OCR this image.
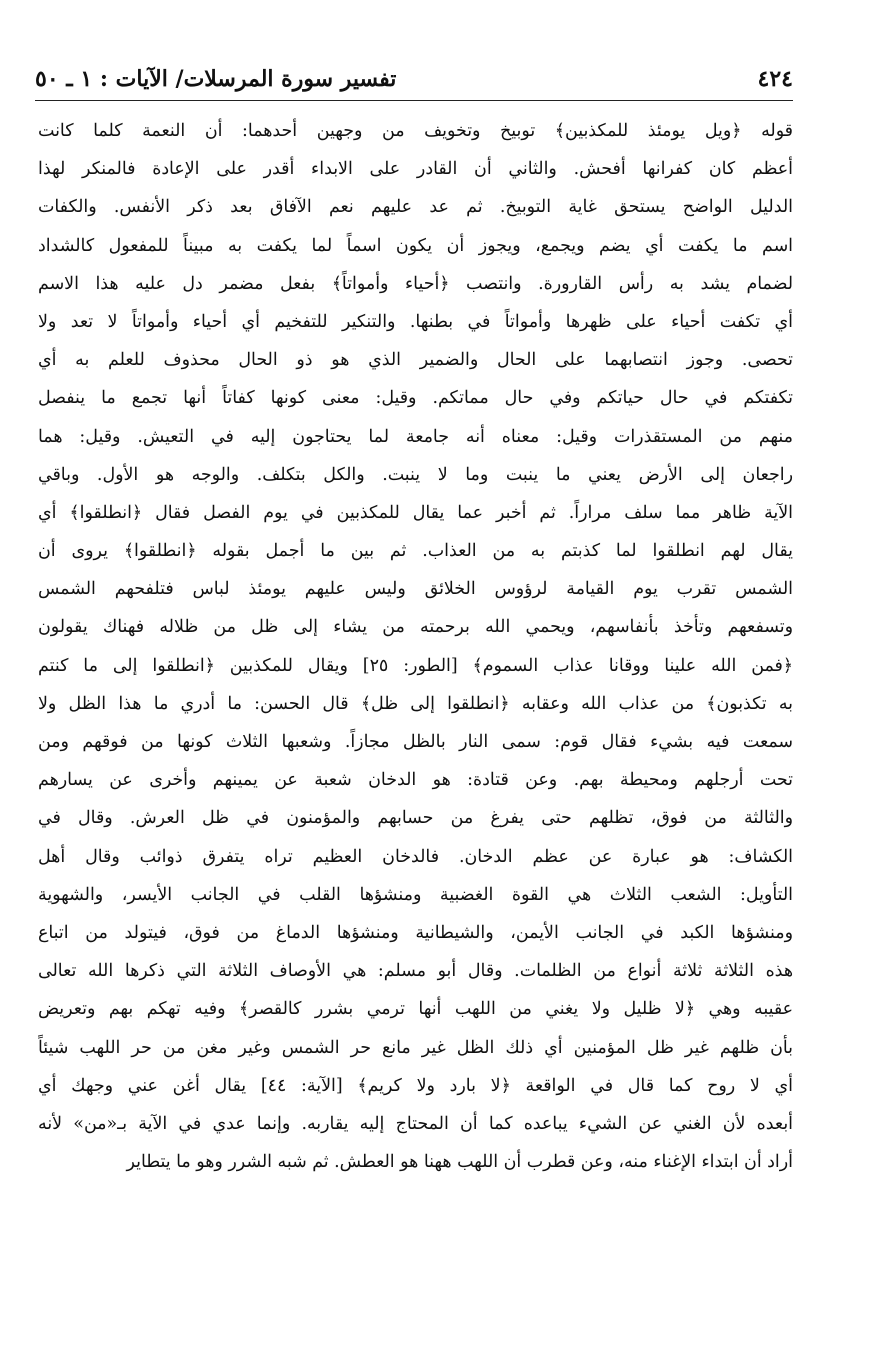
٤٢٤
تفسير سورة المرسلات/ الآيات : ١ ـ ٥٠
قوله ﴿ويل يومئذ للمكذبين﴾ توبيخ وتخويف من وجهين أحدهما: أن النعمة كلما كانت
أعظم كان كفرانها أفحش. والثاني أن القادر على الابداء أقدر على الإعادة فالمنكر لهذا
الدليل الواضح يستحق غاية التوبيخ. ثم عد عليهم نعم الآفاق بعد ذكر الأنفس. والكفات
اسم ما يكفت أي يضم ويجمع، ويجوز أن يكون اسماً لما يكفت به مبيناً للمفعول كالشداد
لضمام يشد به رأس القارورة. وانتصب ﴿أحياء وأمواتاً﴾ بفعل مضمر دل عليه هذا الاسم
أي تكفت أحياء على ظهرها وأمواتاً في بطنها. والتنكير للتفخيم أي أحياء وأمواتاً لا تعد ولا
تحصى. وجوز انتصابهما على الحال والضمير الذي هو ذو الحال محذوف للعلم به أي
تكفتكم في حال حياتكم وفي حال مماتكم. وقيل: معنى كونها كفاتاً أنها تجمع ما ينفصل
منهم من المستقذرات وقيل: معناه أنه جامعة لما يحتاجون إليه في التعيش. وقيل: هما
راجعان إلى الأرض يعني ما ينبت وما لا ينبت. والكل بتكلف. والوجه هو الأول. وباقي
الآية ظاهر مما سلف مراراً. ثم أخبر عما يقال للمكذبين في يوم الفصل فقال ﴿انطلقوا﴾ أي
يقال لهم انطلقوا لما كذبتم به من العذاب. ثم بين ما أجمل بقوله ﴿انطلقوا﴾ يروى أن
الشمس تقرب يوم القيامة لرؤوس الخلائق وليس عليهم يومئذ لباس فتلفحهم الشمس
وتسفعهم وتأخذ بأنفاسهم، ويحمي الله برحمته من يشاء إلى ظل من ظلاله فهناك يقولون
﴿فمن الله علينا ووقانا عذاب السموم﴾ [الطور: ٢٥] ويقال للمكذبين ﴿انطلقوا إلى ما كنتم
به تكذبون﴾ من عذاب الله وعقابه ﴿انطلقوا إلى ظل﴾ قال الحسن: ما أدري ما هذا الظل ولا
سمعت فيه بشيء فقال قوم: سمى النار بالظل مجازاً. وشعبها الثلاث كونها من فوقهم ومن
تحت أرجلهم ومحيطة بهم. وعن قتادة: هو الدخان شعبة عن يمينهم وأخرى عن يسارهم
والثالثة من فوق، تظلهم حتى يفرغ من حسابهم والمؤمنون في ظل العرش. وقال في
الكشاف: هو عبارة عن عظم الدخان. فالدخان العظيم تراه يتفرق ذوائب وقال أهل
التأويل: الشعب الثلاث هي القوة الغضبية ومنشؤها القلب في الجانب الأيسر، والشهوية
ومنشؤها الكبد في الجانب الأيمن، والشيطانية ومنشؤها الدماغ من فوق، فيتولد من اتباع
هذه الثلاثة ثلاثة أنواع من الظلمات. وقال أبو مسلم: هي الأوصاف الثلاثة التي ذكرها الله تعالى
عقيبه وهي ﴿لا ظليل ولا يغني من اللهب أنها ترمي بشرر كالقصر﴾ وفيه تهكم بهم وتعريض
بأن ظلهم غير ظل المؤمنين أي ذلك الظل غير مانع حر الشمس وغير مغن من حر اللهب شيئاً
أي لا روح كما قال في الواقعة ﴿لا بارد ولا كريم﴾ [الآية: ٤٤] يقال أغن عني وجهك أي
أبعده لأن الغني عن الشيء يباعده كما أن المحتاج إليه يقاربه. وإنما عدي في الآية بـ«من» لأنه
أراد أن ابتداء الإغناء منه، وعن قطرب أن اللهب ههنا هو العطش. ثم شبه الشرر وهو ما يتطاير
